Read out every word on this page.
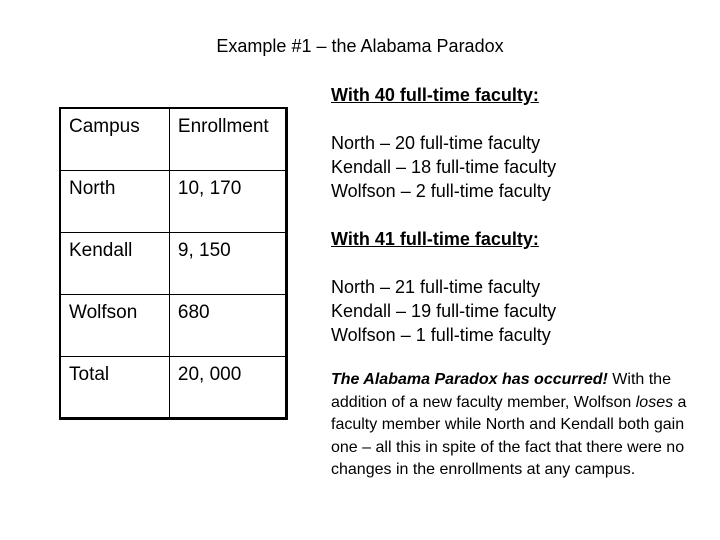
Example #1 – the Alabama Paradox
Campus	Enrollment
North	10, 170
Kendall	9, 150
Wolfson	680
Total	20, 000
With 40 full-time faculty:
North – 20 full-time faculty
Kendall – 18 full-time faculty
Wolfson – 2 full-time faculty
With 41 full-time faculty:
North – 21 full-time faculty
Kendall – 19 full-time faculty
Wolfson – 1 full-time faculty
The Alabama Paradox has occurred! With the addition of a new faculty member, Wolfson loses a faculty member while North and Kendall both gain one – all this in spite of the fact that there were no changes in the enrollments at any campus.
